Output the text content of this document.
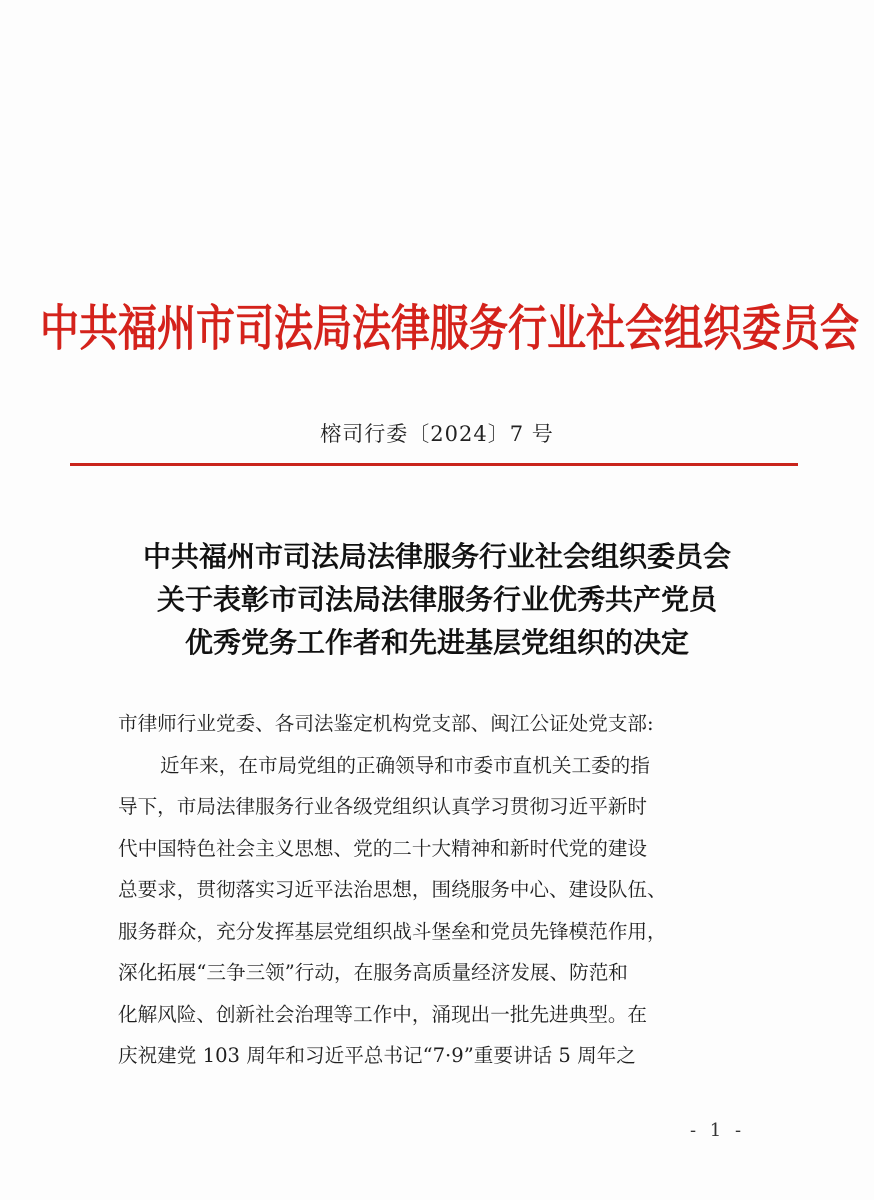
中共福州市司法局法律服务行业社会组织委员会
榕司行委〔2024〕7 号
中共福州市司法局法律服务行业社会组织委员会
关于表彰市司法局法律服务行业优秀共产党员
优秀党务工作者和先进基层党组织的决定
市律师行业党委、各司法鉴定机构党支部、闽江公证处党支部:
近年来，在市局党组的正确领导和市委市直机关工委的指
导下，市局法律服务行业各级党组织认真学习贯彻习近平新时
代中国特色社会主义思想、党的二十大精神和新时代党的建设
总要求，贯彻落实习近平法治思想，围绕服务中心、建设队伍、
服务群众，充分发挥基层党组织战斗堡垒和党员先锋模范作用，
深化拓展“三争三领”行动，在服务高质量经济发展、防范和
化解风险、创新社会治理等工作中，涌现出一批先进典型。在
庆祝建党 103 周年和习近平总书记“7·9”重要讲话 5 周年之
- 1 -
